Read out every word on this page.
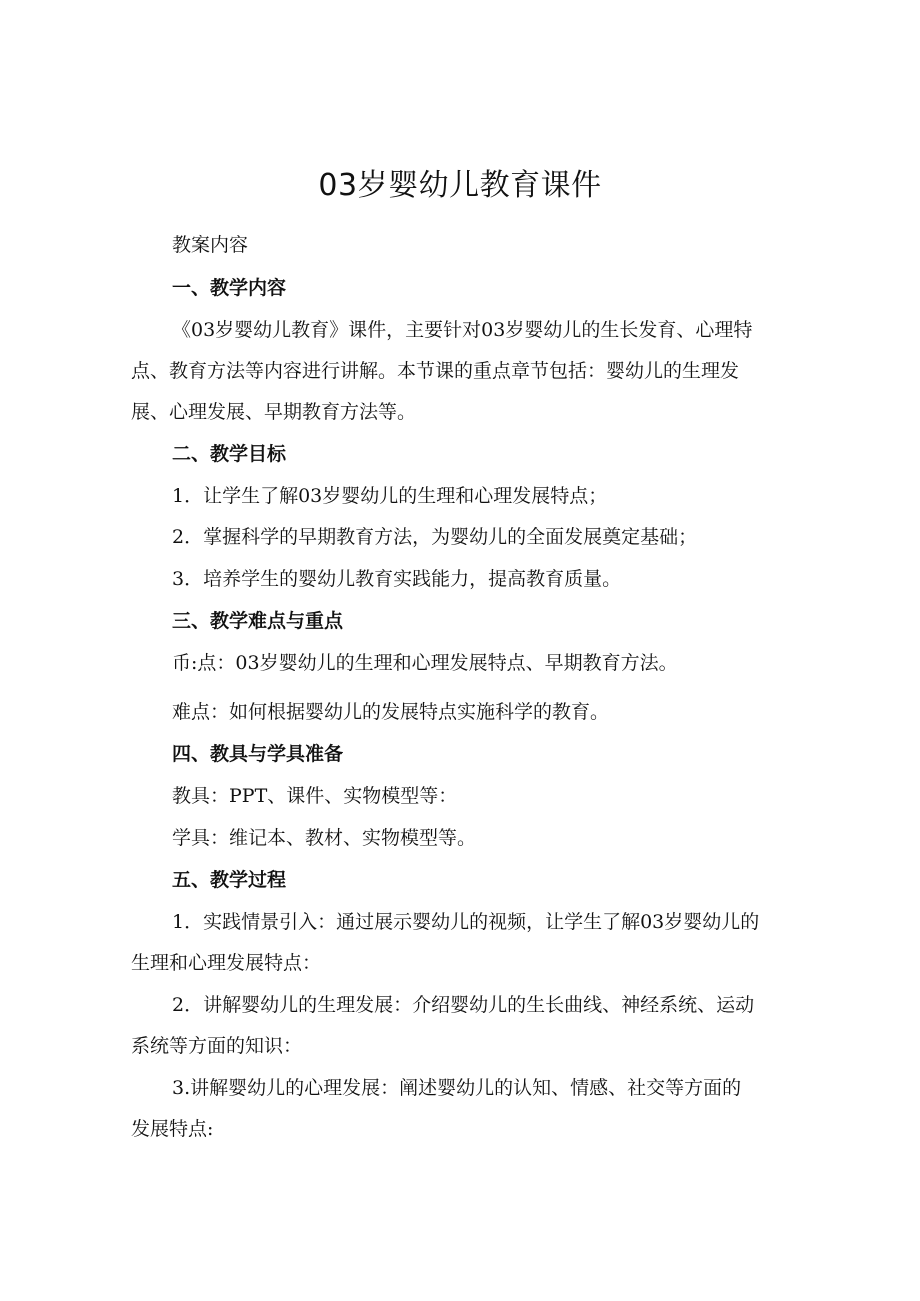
03岁婴幼儿教育课件

教案内容

一、教学内容

《03岁婴幼儿教育》课件，主要针对03岁婴幼儿的生长发育、心理特

点、教育方法等内容进行讲解。本节课的重点章节包括：婴幼儿的生理发

展、心理发展、早期教育方法等。

二、教学目标

1．让学生了解03岁婴幼儿的生理和心理发展特点；

2．掌握科学的早期教育方法，为婴幼儿的全面发展奠定基础；

3．培养学生的婴幼儿教育实践能力，提高教育质量。

三、教学难点与重点

币:点：03岁婴幼儿的生理和心理发展特点、早期教育方法。

难点：如何根据婴幼儿的发展特点实施科学的教育。

四、教具与学具准备

教具：PPT、课件、实物模型等：

学具：维记本、教材、实物模型等。

五、教学过程

1．实践情景引入：通过展示婴幼儿的视频，让学生了解03岁婴幼儿的

生理和心理发展特点：

2．讲解婴幼儿的生理发展：介绍婴幼儿的生长曲线、神经系统、运动

系统等方面的知识：

3.讲解婴幼儿的心理发展：阐述婴幼儿的认知、情感、社交等方面的

发展特点:
